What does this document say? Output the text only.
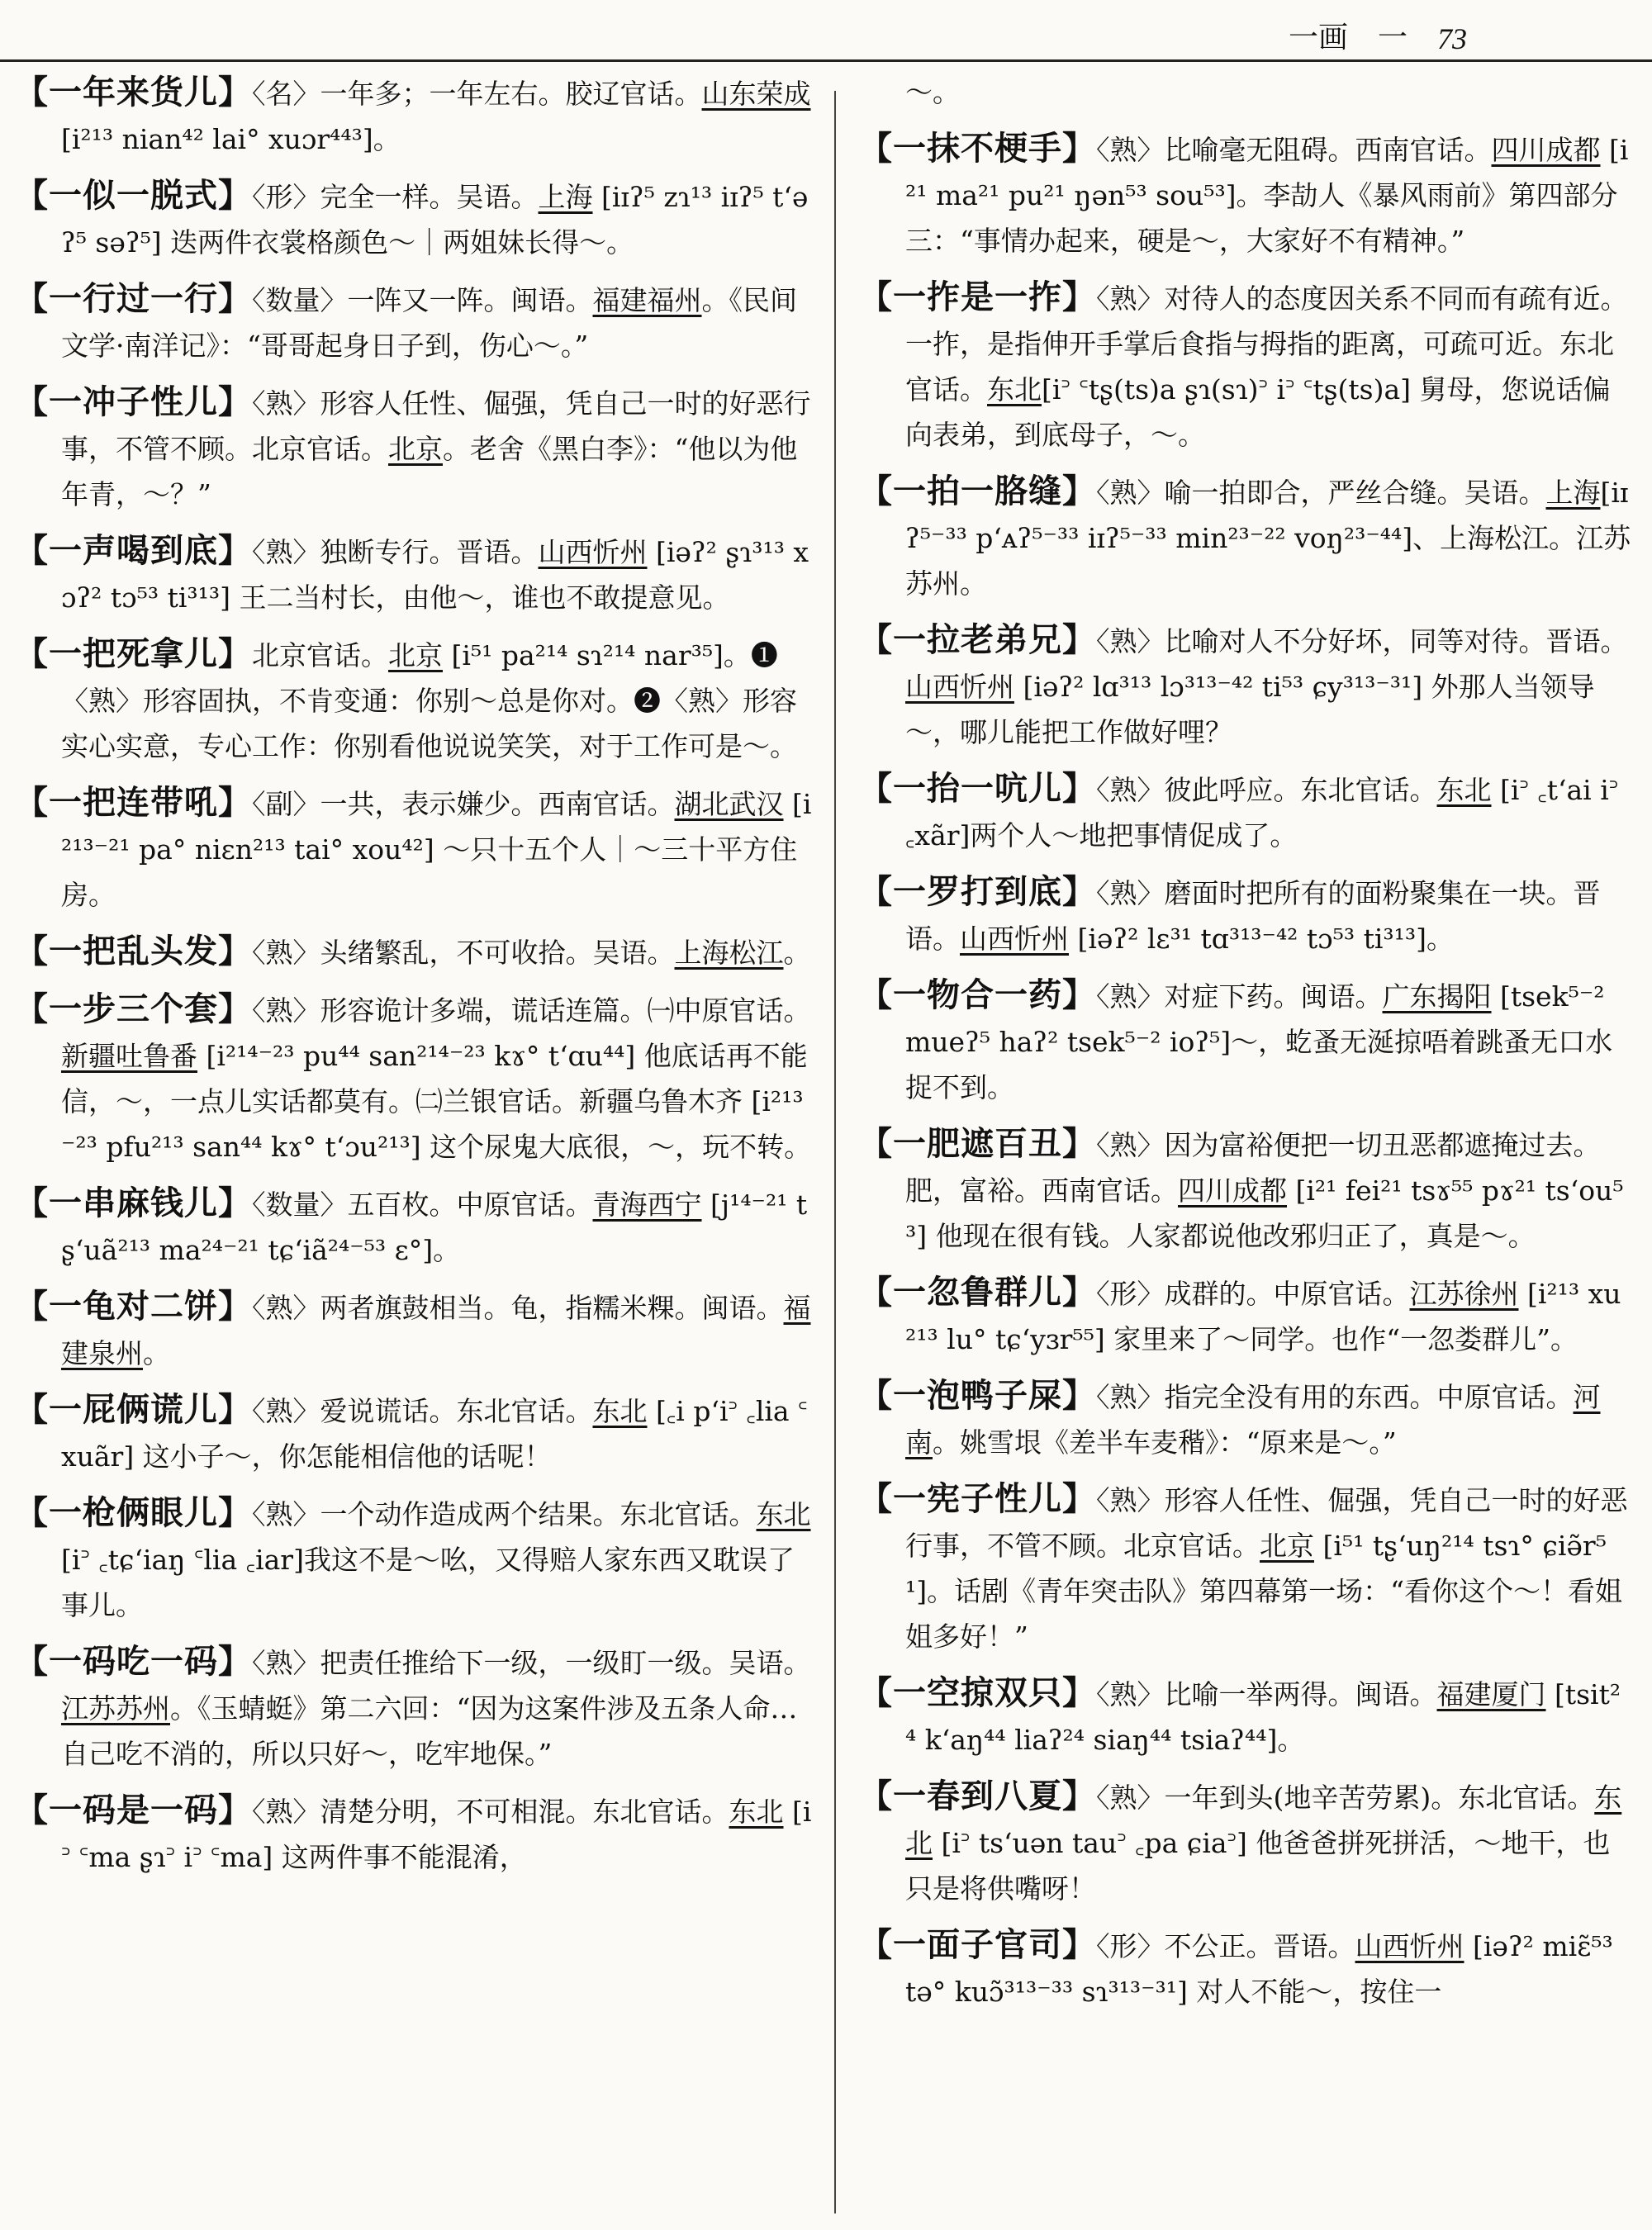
一画　一 73

【一年来货儿】〈名〉一年多；一年左右。胶辽官话。山东荣成 [i²¹³ nian⁴² lai° xuɔr⁴⁴³]。

【一似一脱式】〈形〉完全一样。吴语。上海 [iɪʔ⁵ zɿ¹³ iɪʔ⁵ tʻəʔ⁵ səʔ⁵] 迭两件衣裳格颜色～｜两姐妹长得～。

【一行过一行】〈数量〉一阵又一阵。闽语。福建福州。《民间文学·南洋记》：“哥哥起身日子到，伤心～。”

【一冲子性儿】〈熟〉形容人任性、倔强，凭自己一时的好恶行事，不管不顾。北京官话。北京。老舍《黑白李》：“他以为他年青，～？”

【一声喝到底】〈熟〉独断专行。晋语。山西忻州 [iəʔ² ʂɿ³¹³ xɔʔ² tɔ⁵³ ti³¹³] 王二当村长，由他～，谁也不敢提意见。

【一把死拿儿】北京官话。北京 [i⁵¹ pa²¹⁴ sɿ²¹⁴ nar³⁵]。❶〈熟〉形容固执，不肯变通：你别～总是你对。❷〈熟〉形容实心实意，专心工作：你别看他说说笑笑，对于工作可是～。

【一把连带吼】〈副〉一共，表示嫌少。西南官话。湖北武汉 [i²¹³⁻²¹ pa° niɛn²¹³ tai° xou⁴²] ～只十五个人｜～三十平方住房。

【一把乱头发】〈熟〉头绪繁乱，不可收拾。吴语。上海松江。

【一步三个套】〈熟〉形容诡计多端，谎话连篇。㈠中原官话。新疆吐鲁番 [i²¹⁴⁻²³ pu⁴⁴ san²¹⁴⁻²³ kɤ° tʻɑu⁴⁴] 他底话再不能信，～，一点儿实话都莫有。㈡兰银官话。新疆乌鲁木齐 [i²¹³⁻²³ pfu²¹³ san⁴⁴ kɤ° tʻɔu²¹³] 这个尿鬼大底很，～，玩不转。

【一串麻钱儿】〈数量〉五百枚。中原官话。青海西宁 [j¹⁴⁻²¹ tʂʻuã²¹³ ma²⁴⁻²¹ tɕʻiã²⁴⁻⁵³ ɛ°]。

【一龟对二饼】〈熟〉两者旗鼓相当。龟，指糯米粿。闽语。福建泉州。

【一屁俩谎儿】〈熟〉爱说谎话。东北官话。东北 [꜀i pʻi꜄ ꜀lia ꜂xuãr] 这小子～，你怎能相信他的话呢！

【一枪俩眼儿】〈熟〉一个动作造成两个结果。东北官话。东北[i꜄ ꜀tɕʻiaŋ ꜂lia ꜀iar]我这不是～吆，又得赔人家东西又耽误了事儿。

【一码吃一码】〈熟〉把责任推给下一级，一级盯一级。吴语。江苏苏州。《玉蜻蜓》第二六回：“因为这案件涉及五条人命…自己吃不消的，所以只好～，吃牢地保。”

【一码是一码】〈熟〉清楚分明，不可相混。东北官话。东北 [i꜄ ꜂ma ʂɿ꜄ i꜄ ꜂ma] 这两件事不能混淆，

～。

【一抹不梗手】〈熟〉比喻毫无阻碍。西南官话。四川成都 [i²¹ ma²¹ pu²¹ ŋən⁵³ sou⁵³]。李劼人《暴风雨前》第四部分三：“事情办起来，硬是～，大家好不有精神。”

【一拃是一拃】〈熟〉对待人的态度因关系不同而有疏有近。一拃，是指伸开手掌后食指与拇指的距离，可疏可近。东北官话。东北[i꜄ ꜂tʂ(ts)a ʂɿ(sɿ)꜄ i꜄ ꜂tʂ(ts)a] 舅母，您说话偏向表弟，到底母子，～。

【一拍一胳缝】〈熟〉喻一拍即合，严丝合缝。吴语。上海[iɪʔ⁵⁻³³ pʻᴀʔ⁵⁻³³ iɪʔ⁵⁻³³ min²³⁻²² voŋ²³⁻⁴⁴]、上海松江。江苏苏州。

【一拉老弟兄】〈熟〉比喻对人不分好坏，同等对待。晋语。山西忻州 [iəʔ² lɑ³¹³ lɔ³¹³⁻⁴² ti⁵³ ɕy³¹³⁻³¹] 外那人当领导～，哪儿能把工作做好哩？

【一抬一吭儿】〈熟〉彼此呼应。东北官话。东北 [i꜄ ꜀tʻai i꜄ ꜀xãr]两个人～地把事情促成了。

【一罗打到底】〈熟〉磨面时把所有的面粉聚集在一块。晋语。山西忻州 [iəʔ² lɛ³¹ tɑ³¹³⁻⁴² tɔ⁵³ ti³¹³]。

【一物合一药】〈熟〉对症下药。闽语。广东揭阳 [tsek⁵⁻² mueʔ⁵ haʔ² tsek⁵⁻² ioʔ⁵]～，虼蚤无涎掠唔着跳蚤无口水捉不到。

【一肥遮百丑】〈熟〉因为富裕便把一切丑恶都遮掩过去。肥，富裕。西南官话。四川成都 [i²¹ fei²¹ tsɤ⁵⁵ pɤ²¹ tsʻou⁵³] 他现在很有钱。人家都说他改邪归正了，真是～。

【一忽鲁群儿】〈形〉成群的。中原官话。江苏徐州 [i²¹³ xu²¹³ lu° tɕʻyɜr⁵⁵] 家里来了～同学。也作“一忽娄群儿”。

【一泡鸭子屎】〈熟〉指完全没有用的东西。中原官话。河南。姚雪垠《差半车麦稭》：“原来是～。”

【一宪子性儿】〈熟〉形容人任性、倔强，凭自己一时的好恶行事，不管不顾。北京官话。北京 [i⁵¹ tʂʻuŋ²¹⁴ tsɿ° ɕiə̃r⁵¹]。话剧《青年突击队》第四幕第一场：“看你这个～！看姐姐多好！”

【一空掠双只】〈熟〉比喻一举两得。闽语。福建厦门 [tsit²⁴ kʻaŋ⁴⁴ liaʔ²⁴ siaŋ⁴⁴ tsiaʔ⁴⁴]。

【一春到八夏】〈熟〉一年到头(地辛苦劳累)。东北官话。东北 [i꜄ tsʻuən tau꜄ ꜀pa ɕia꜄] 他爸爸拼死拼活，～地干，也只是将供嘴呀！

【一面子官司】〈形〉不公正。晋语。山西忻州 [iəʔ² miɛ̃⁵³ tə° kuɔ̃³¹³⁻³³ sɿ³¹³⁻³¹] 对人不能～，按住一
